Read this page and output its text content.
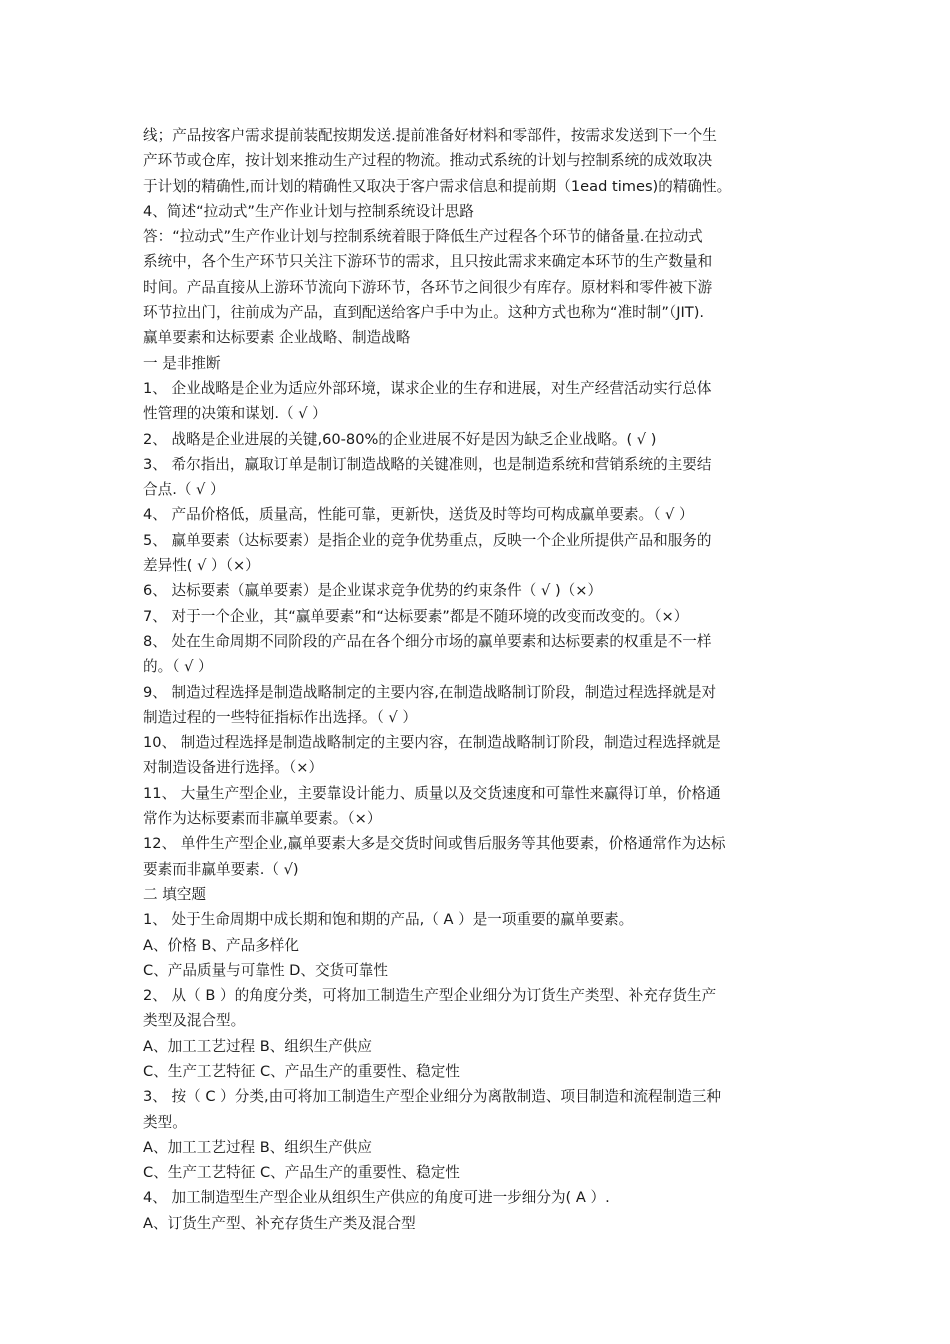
线；产品按客户需求提前装配按期发送.提前准备好材料和零部件，按需求发送到下一个生
产环节或仓库，按计划来推动生产过程的物流。推动式系统的计划与控制系统的成效取决
于计划的精确性,而计划的精确性又取决于客户需求信息和提前期（1ead times)的精确性。
4、简述“拉动式”生产作业计划与控制系统设计思路
答：“拉动式”生产作业计划与控制系统着眼于降低生产过程各个环节的储备量.在拉动式
系统中，各个生产环节只关注下游环节的需求，且只按此需求来确定本环节的生产数量和
时间。产品直接从上游环节流向下游环节，各环节之间很少有库存。原材料和零件被下游
环节拉出门，往前成为产品，直到配送给客户手中为止。这种方式也称为“准时制”（JIT).
赢单要素和达标要素 企业战略、制造战略
一 是非推断
1、 企业战略是企业为适应外部环境，谋求企业的生存和进展，对生产经营活动实行总体
性管理的决策和谋划.（ √ ）
2、 战略是企业进展的关键,60-80%的企业进展不好是因为缺乏企业战略。( √ )
3、 希尔指出，赢取订单是制订制造战略的关键准则，也是制造系统和营销系统的主要结
合点.（ √ ）
4、 产品价格低，质量高，性能可靠，更新快，送货及时等均可构成赢单要素。（ √ ）
5、 赢单要素（达标要素）是指企业的竞争优势重点，反映一个企业所提供产品和服务的
差异性( √ ）（×）
6、 达标要素（赢单要素）是企业谋求竞争优势的约束条件（ √ )（×）
7、 对于一个企业，其“赢单要素”和“达标要素”都是不随环境的改变而改变的。（×）
8、 处在生命周期不同阶段的产品在各个细分市场的赢单要素和达标要素的权重是不一样
的。（ √ ）
9、 制造过程选择是制造战略制定的主要内容,在制造战略制订阶段，制造过程选择就是对
制造过程的一些特征指标作出选择。（ √ ）
10、 制造过程选择是制造战略制定的主要内容，在制造战略制订阶段，制造过程选择就是
对制造设备进行选择。（×）
11、 大量生产型企业，主要靠设计能力、质量以及交货速度和可靠性来赢得订单，价格通
常作为达标要素而非赢单要素。（×）
12、 单件生产型企业,赢单要素大多是交货时间或售后服务等其他要素，价格通常作为达标
要素而非赢单要素.（ √)
二 填空题
1、 处于生命周期中成长期和饱和期的产品,（ A ）是一项重要的赢单要素。
A、价格 B、产品多样化
C、产品质量与可靠性 D、交货可靠性
2、 从（ B ）的角度分类，可将加工制造生产型企业细分为订货生产类型、补充存货生产
类型及混合型。
A、加工工艺过程 B、组织生产供应
C、生产工艺特征 C、产品生产的重要性、稳定性
3、 按（ C ）分类,由可将加工制造生产型企业细分为离散制造、项目制造和流程制造三种
类型。
A、加工工艺过程 B、组织生产供应
C、生产工艺特征 C、产品生产的重要性、稳定性
4、 加工制造型生产型企业从组织生产供应的角度可进一步细分为( A ）.
A、订货生产型、补充存货生产类及混合型
